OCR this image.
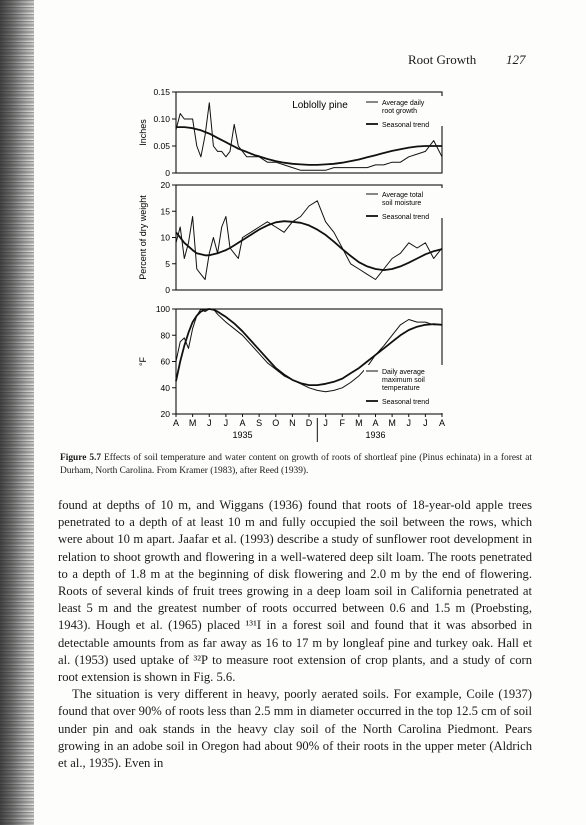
Root Growth 127
0.15
0.10
0.05
0
Inches
Average daily
root growth
Seasonal trend
Loblolly pine
20
15
10
5
0
Percent of dry weight	Average total
soil moisture
Seasonal trend
100
80
60
40
20
°F
Daily average
maximum soil
temperature
Seasonal trend
A M J J A S O N D J F M A M J J A
1935	1936
Figure 5.7 Effects of soil temperature and water content on growth of roots of shortleaf pine (Pinus echinata) in a forest at Durham, North Carolina. From Kramer (1983), after Reed (1939).

found at depths of 10 m, and Wiggans (1936) found that roots of 18-year-old apple trees penetrated to a depth of at least 10 m and fully occupied the soil between the rows, which were about 10 m apart. Jaafar et al. (1993) describe a study of sunflower root development in relation to shoot growth and flowering in a well-watered deep silt loam. The roots penetrated to a depth of 1.8 m at the beginning of disk flowering and 2.0 m by the end of flowering. Roots of several kinds of fruit trees growing in a deep loam soil in California penetrated at least 5 m and the greatest number of roots occurred between 0.6 and 1.5 m (Proebsting, 1943). Hough et al. (1965) placed ¹³¹I in a forest soil and found that it was absorbed in detectable amounts from as far away as 16 to 17 m by longleaf pine and turkey oak. Hall et al. (1953) used uptake of ³²P to measure root extension of crop plants, and a study of corn root extension is shown in Fig. 5.6.

The situation is very different in heavy, poorly aerated soils. For example, Coile (1937) found that over 90% of roots less than 2.5 mm in diameter occurred in the top 12.5 cm of soil under pin and oak stands in the heavy clay soil of the North Carolina Piedmont. Pears growing in an adobe soil in Oregon had about 90% of their roots in the upper meter (Aldrich et al., 1935). Even in
